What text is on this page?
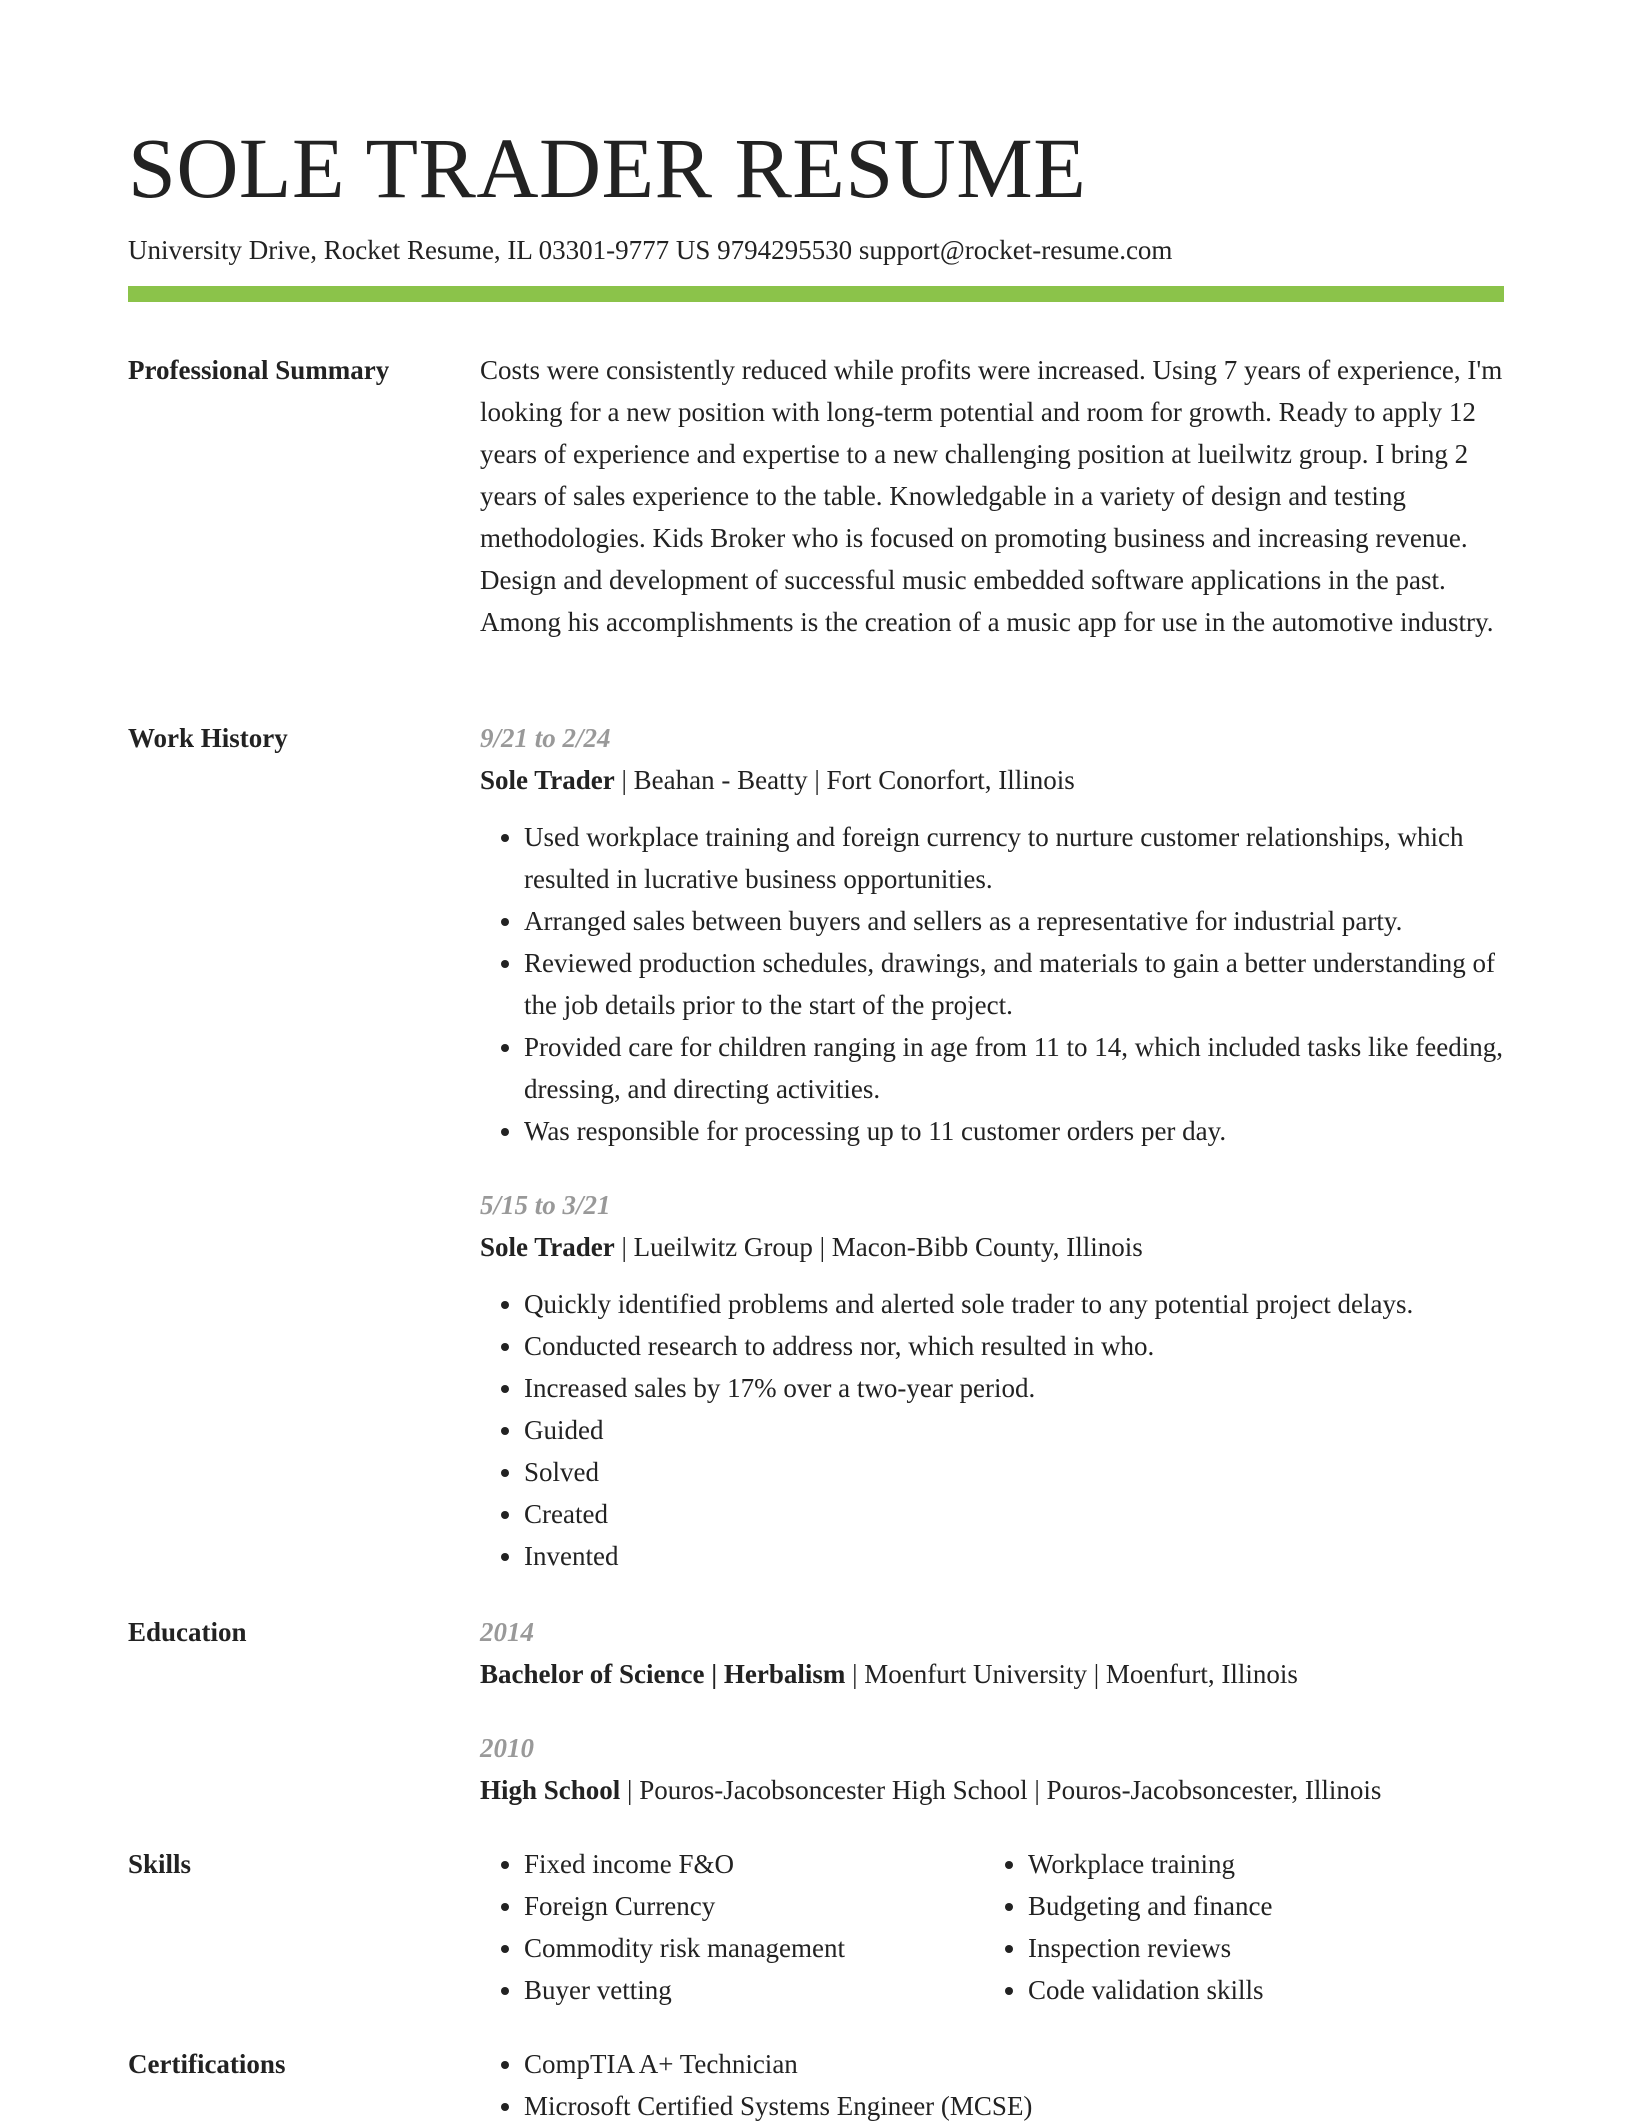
SOLE TRADER RESUME
University Drive, Rocket Resume, IL 03301-9777 US 9794295530 support@rocket-resume.com
Professional Summary	Costs were consistently reduced while profits were increased. Using 7 years of experience, I'm looking for a new position with long-term potential and room for growth. Ready to apply 12 years of experience and expertise to a new challenging position at lueilwitz group. I bring 2 years of sales experience to the table. Knowledgable in a variety of design and testing methodologies. Kids Broker who is focused on promoting business and increasing revenue. Design and development of successful music embedded software applications in the past. Among his accomplishments is the creation of a music app for use in the automotive industry.

Work History	9/21 to 2/24
Sole Trader | Beahan - Beatty | Fort Conorfort, Illinois
• Used workplace training and foreign currency to nurture customer relationships, which resulted in lucrative business opportunities.
• Arranged sales between buyers and sellers as a representative for industrial party.
• Reviewed production schedules, drawings, and materials to gain a better understanding of the job details prior to the start of the project.
• Provided care for children ranging in age from 11 to 14, which included tasks like feeding, dressing, and directing activities.
• Was responsible for processing up to 11 customer orders per day.
5/15 to 3/21
Sole Trader | Lueilwitz Group | Macon-Bibb County, Illinois
• Quickly identified problems and alerted sole trader to any potential project delays.
• Conducted research to address nor, which resulted in who.
• Increased sales by 17% over a two-year period.
• Guided
• Solved
• Created
• Invented
Education	2014
Bachelor of Science | Herbalism | Moenfurt University | Moenfurt, Illinois
2010
High School | Pouros-Jacobsoncester High School | Pouros-Jacobsoncester, Illinois
Skills	• Fixed income F&O
• Foreign Currency
• Commodity risk management
• Buyer vetting
• Workplace training
• Budgeting and finance
• Inspection reviews
• Code validation skills
Certifications	• CompTIA A+ Technician
• Microsoft Certified Systems Engineer (MCSE)
